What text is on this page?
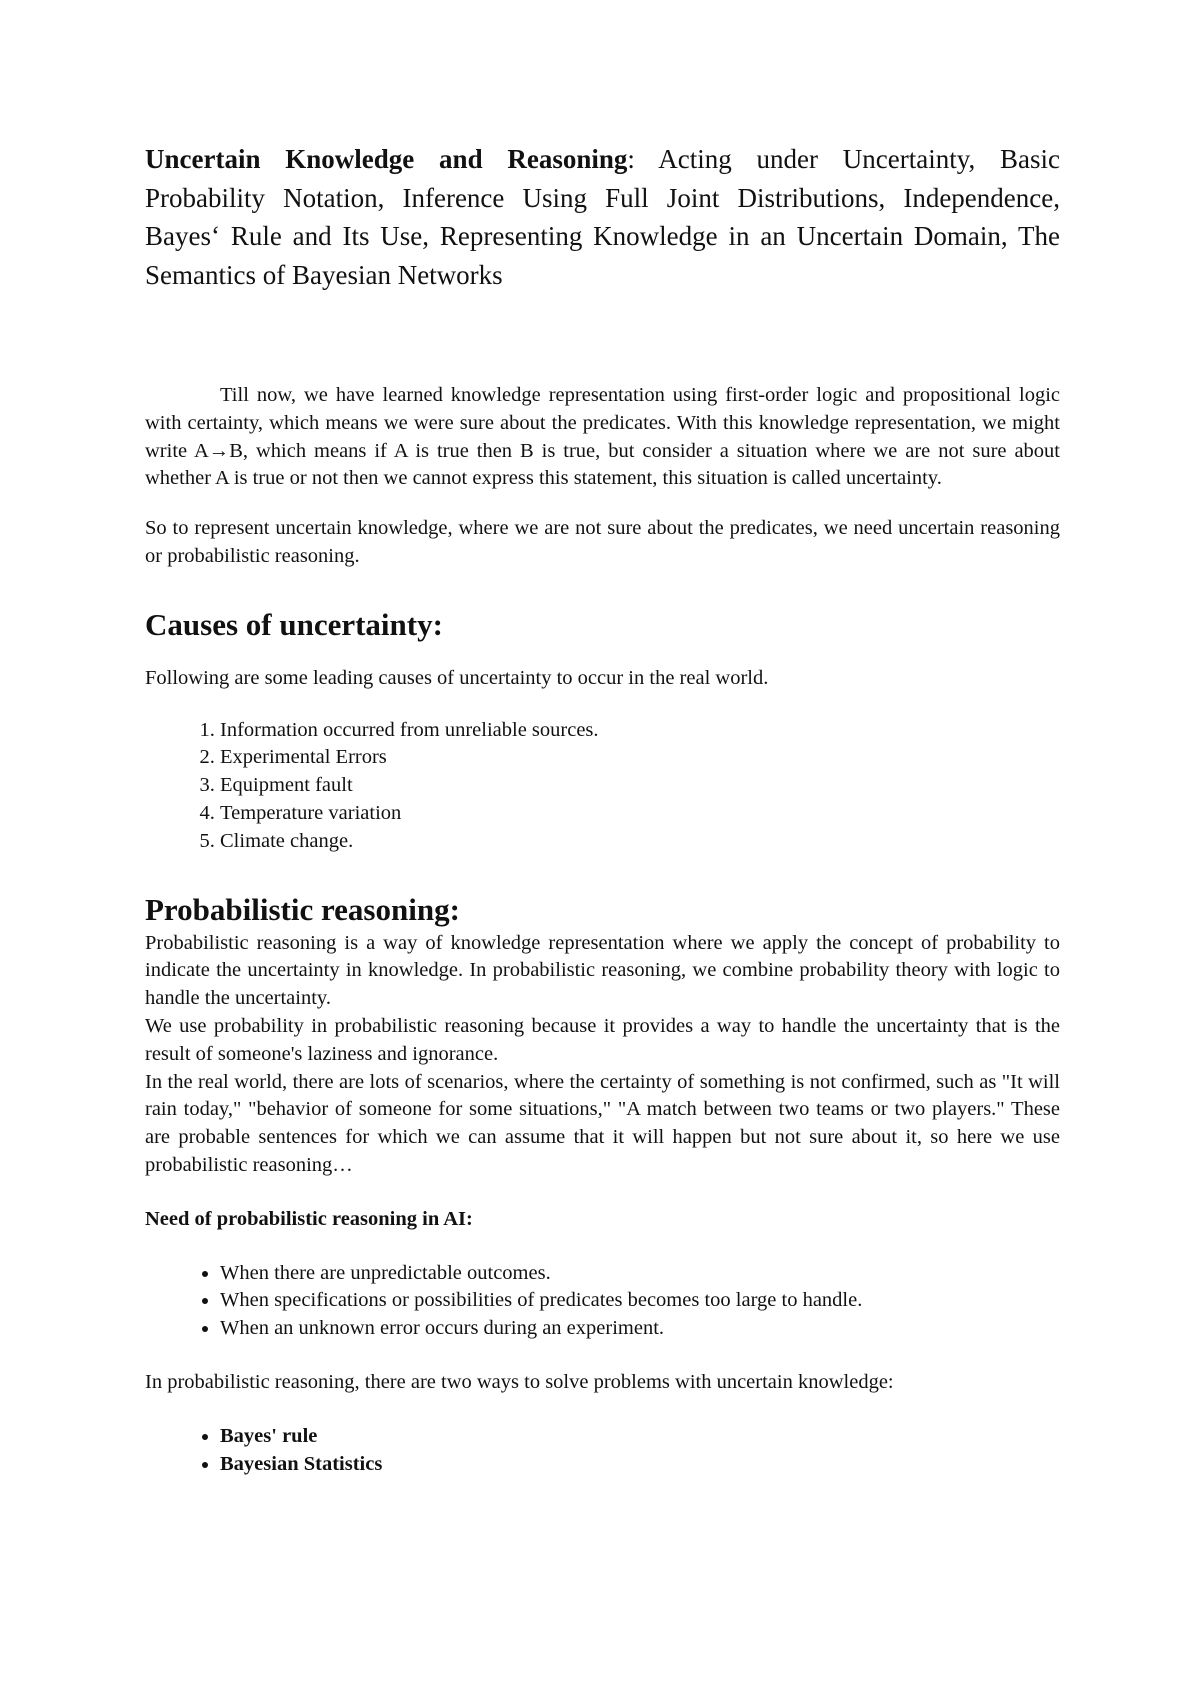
Uncertain Knowledge and Reasoning: Acting under Uncertainty, Basic Probability Notation, Inference Using Full Joint Distributions, Independence, Bayes‘ Rule and Its Use, Representing Knowledge in an Uncertain Domain, The Semantics of Bayesian Networks

Till now, we have learned knowledge representation using first-order logic and propositional logic with certainty, which means we were sure about the predicates. With this knowledge representation, we might write A→B, which means if A is true then B is true, but consider a situation where we are not sure about whether A is true or not then we cannot express this statement, this situation is called uncertainty.

So to represent uncertain knowledge, where we are not sure about the predicates, we need uncertain reasoning or probabilistic reasoning.

Causes of uncertainty:

Following are some leading causes of uncertainty to occur in the real world.

1. Information occurred from unreliable sources.
2. Experimental Errors
3. Equipment fault
4. Temperature variation
5. Climate change.
Probabilistic reasoning:

Probabilistic reasoning is a way of knowledge representation where we apply the concept of probability to indicate the uncertainty in knowledge. In probabilistic reasoning, we combine probability theory with logic to handle the uncertainty.

We use probability in probabilistic reasoning because it provides a way to handle the uncertainty that is the result of someone's laziness and ignorance.

In the real world, there are lots of scenarios, where the certainty of something is not confirmed, such as "It will rain today," "behavior of someone for some situations," "A match between two teams or two players." These are probable sentences for which we can assume that it will happen but not sure about it, so here we use probabilistic reasoning…

Need of probabilistic reasoning in AI:

• When there are unpredictable outcomes.
• When specifications or possibilities of predicates becomes too large to handle.
• When an unknown error occurs during an experiment.

In probabilistic reasoning, there are two ways to solve problems with uncertain knowledge:

• Bayes' rule
• Bayesian Statistics
